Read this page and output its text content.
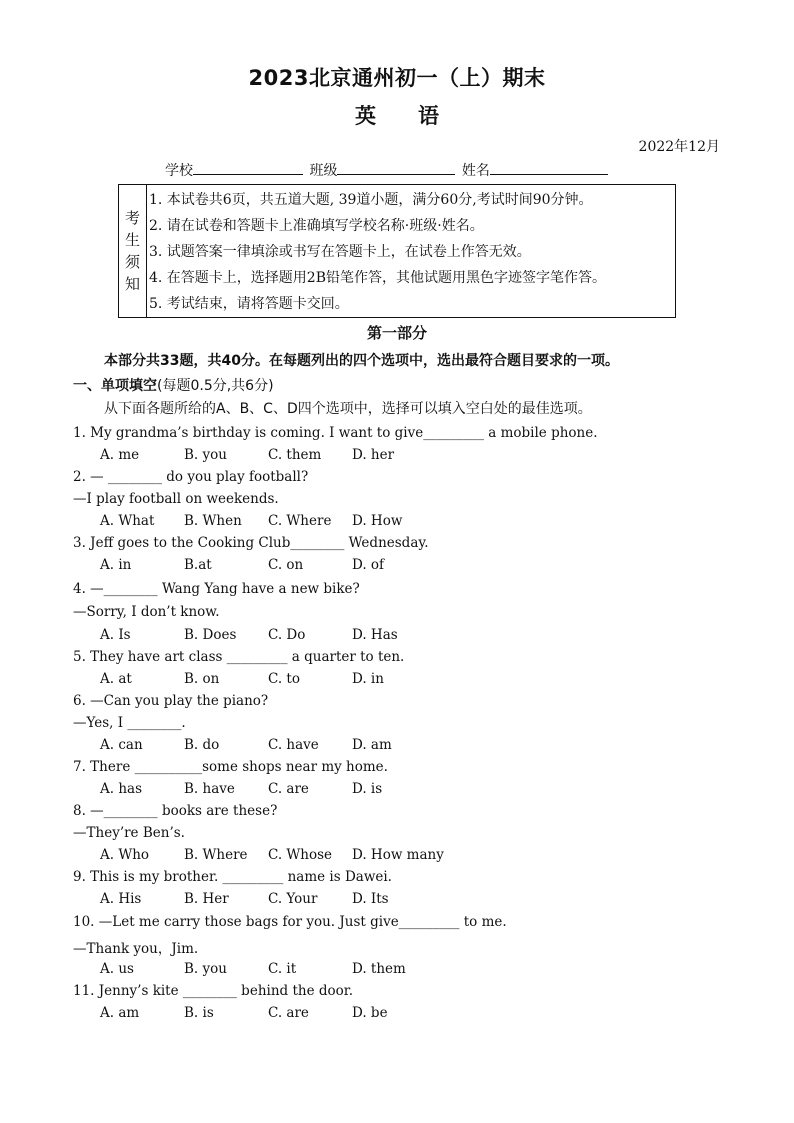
2023北京通州初一（上）期末
英语
2022年12月
学校	班级	姓名
考
生
须
知
1. 本试卷共6页，共五道大题, 39道小题，满分60分,考试时间90分钟。
2. 请在试卷和答题卡上准确填写学校名称·班级·姓名。
3. 试题答案一律填涂或书写在答题卡上，在试卷上作答无效。
4. 在答题卡上，选择题用2B铅笔作答，其他试题用黑色字迹签字笔作答。
5. 考试结束，请将答题卡交回。
第一部分
本部分共33题，共40分。在每题列出的四个选项中，选出最符合题目要求的一项。
一、单项填空(每题0.5分,共6分)
从下面各题所给的A、B、C、D四个选项中，选择可以填入空白处的最佳选项。
1. My grandma’s birthday is coming. I want to give_________ a mobile phone.
A. me	B. you	C. them D. her
2. — ________ do you play football?
—I play football on weekends.
A. What B. When C. Where D. How
3. Jeff goes to the Cooking Club________ Wednesday.
A. in	B.at	C. on	D. of
4. —________ Wang Yang have a new bike?
—Sorry, I don’t know.
A. Is	B. Does C. Do	D. Has
5. They have art class _________ a quarter to ten.
A. at	B. on	C. to	D. in
6. —Can you play the piano?
—Yes, I ________.
A. can	B. do	C. have D. am
7. There __________some shops near my home.
A. has	B. have C. are	D. is
8. —________ books are these?
—They’re Ben’s.
A. Who	B. Where C. Whose D. How many
9. This is my brother. _________ name is Dawei.
A. His	B. Her	C. Your	D. Its
10. —Let me carry those bags for you. Just give_________ to me.
—Thank you，Jim.
A. us	B. you	C. it	D. them
11. Jenny’s kite ________ behind the door.
A. am	B. is	C. are	D. be
